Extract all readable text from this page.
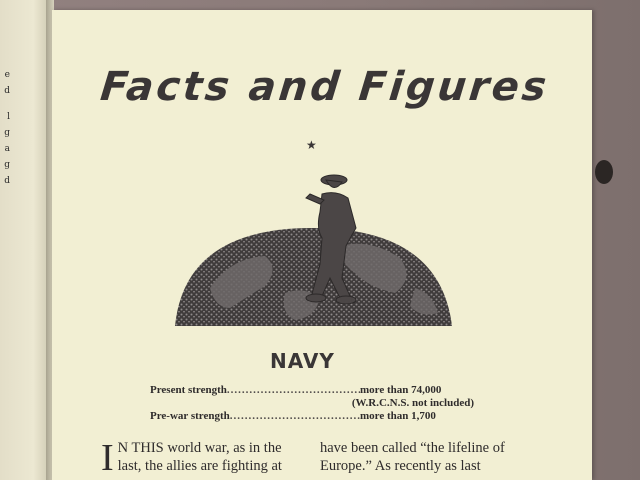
e
d
l
g
a
g
d
Facts and Figures
★
NAVY
Present strength .....	more than 74,000
(W.R.C.N.S. not included)
Pre-war strength .....	more than 1,700
I N THIS world war, as in the
last, the allies are fighting at
have been called “the lifeline of
Europe.” As recently as last
